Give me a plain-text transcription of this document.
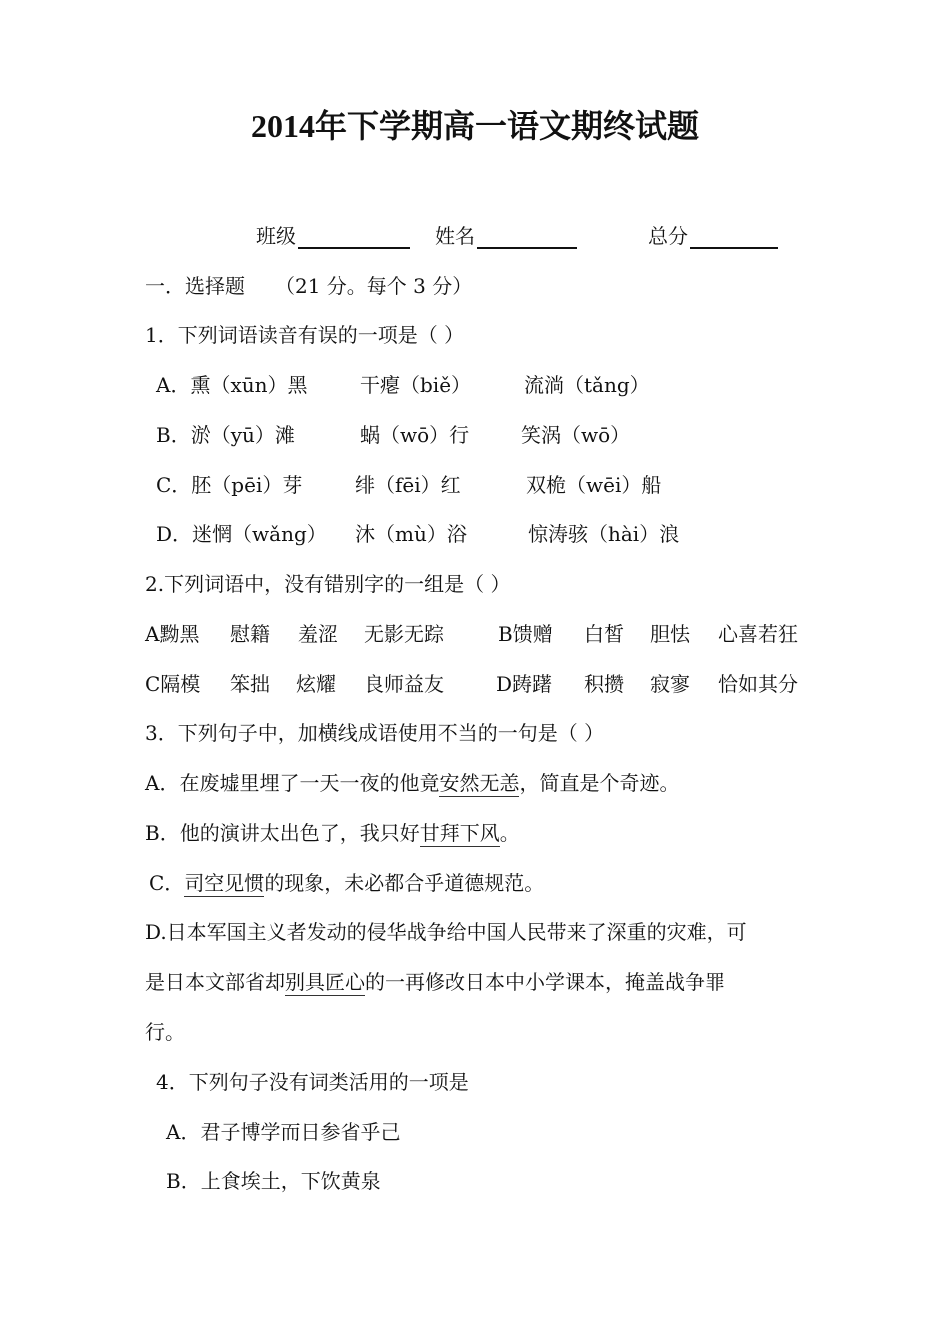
2014年下学期高一语文期终试题
班级	姓名	总分
一．选择题 （21 分。每个 3 分）
1．下列词语读音有误的一项是（ ）
A．熏（xūn）黑	干瘪（biě）	流淌（tǎng）
B．淤（yū）滩	蜗（wō）行	笑涡（wō）
C．胚（pēi）芽	绯（fēi）红	双桅（wēi）船
D．迷惘（wǎng） 沐（mù）浴	惊涛骇（hài）浪
2.下列词语中，没有错别字的一组是（ ）
A黝黑 慰籍 羞涩 无影无踪	B馈赠 白皙 胆怯 心喜若狂
C隔模 笨拙 炫耀 良师益友	D踌躇 积攒 寂寥 恰如其分
3．下列句子中，加横线成语使用不当的一句是（ ）
A．在废墟里埋了一天一夜的他竟安然无恙，简直是个奇迹。
B．他的演讲太出色了，我只好甘拜下风。
C．司空见惯的现象，未必都合乎道德规范。
D.日本军国主义者发动的侵华战争给中国人民带来了深重的灾难，可
是日本文部省却别具匠心的一再修改日本中小学课本，掩盖战争罪
行。
4．下列句子没有词类活用的一项是
A．君子博学而日参省乎己
B．上食埃土，下饮黄泉
